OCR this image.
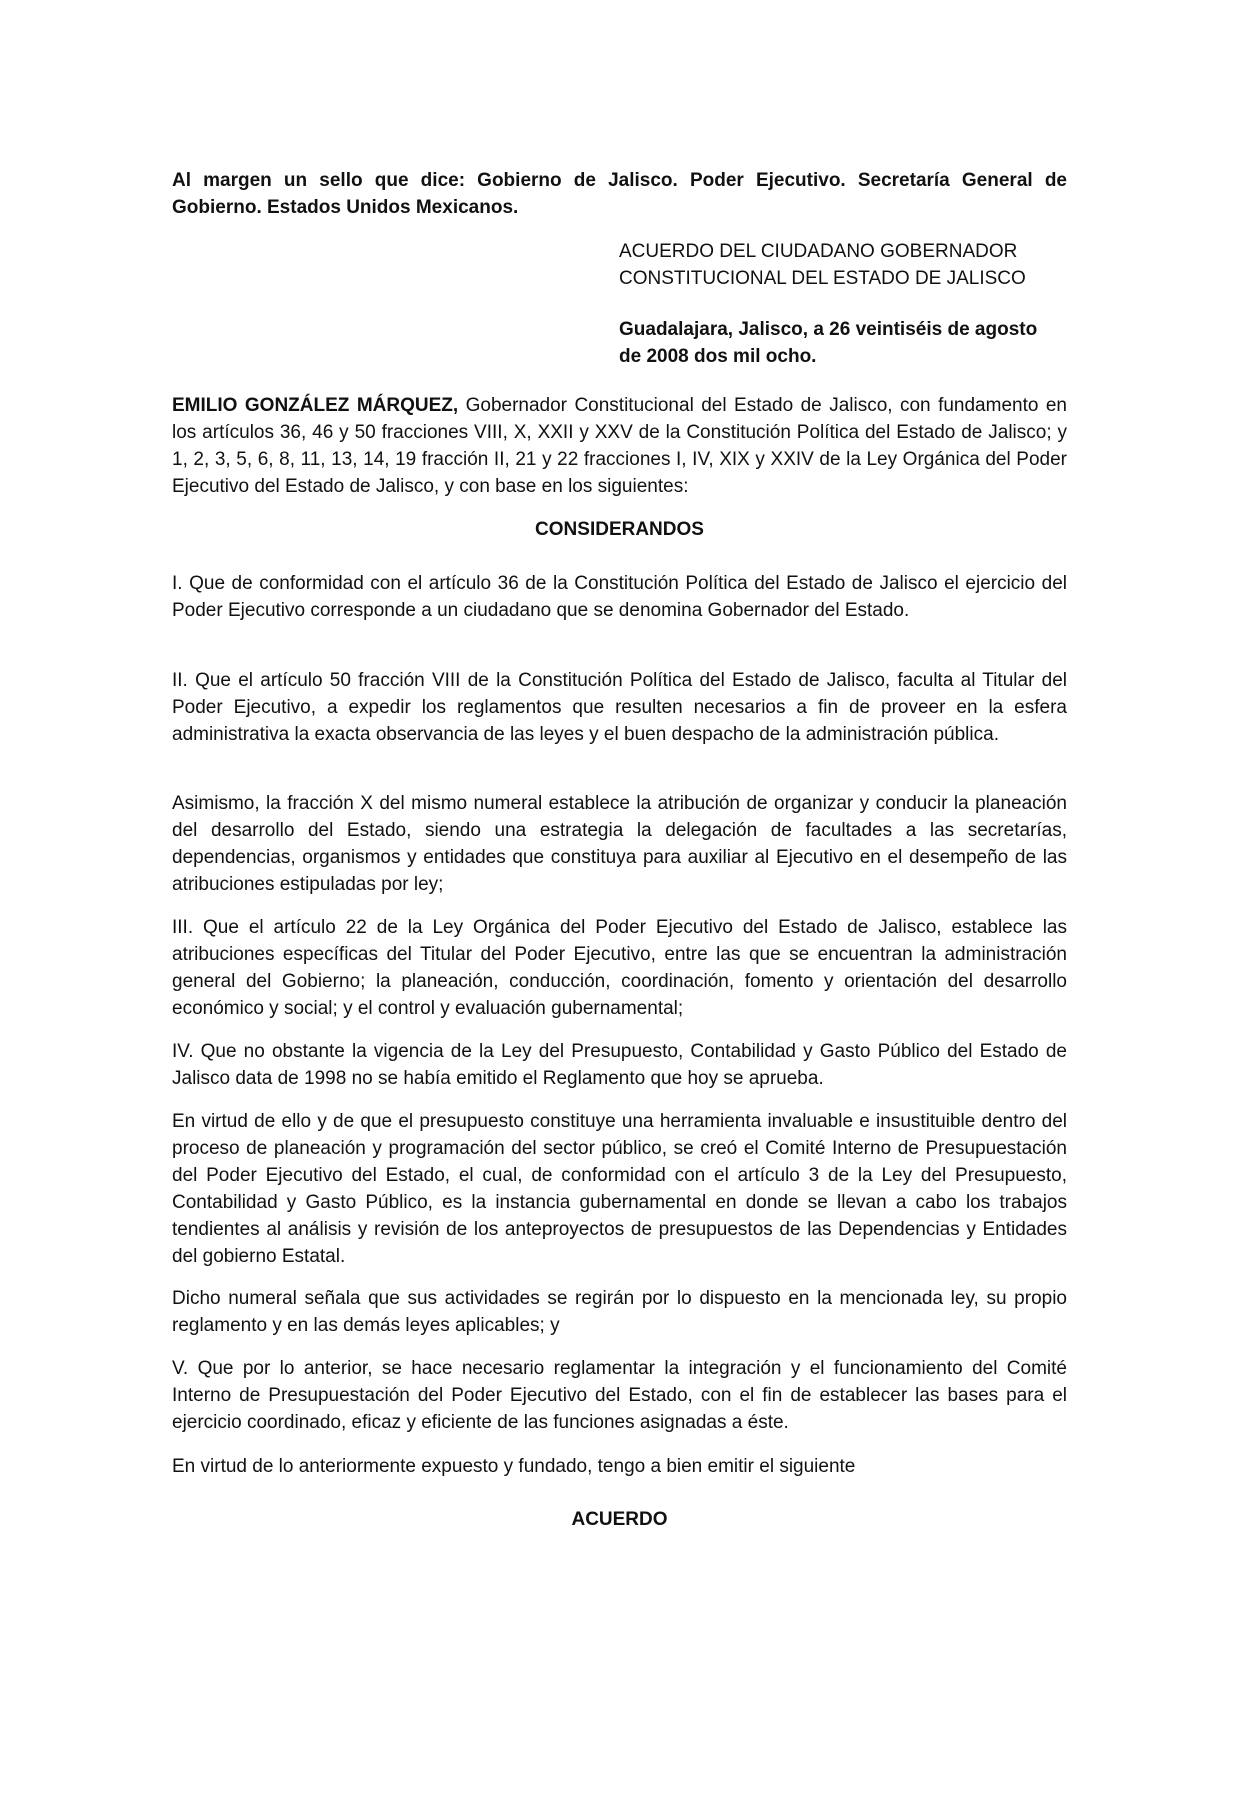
Al margen un sello que dice: Gobierno de Jalisco. Poder Ejecutivo. Secretaría General de Gobierno. Estados Unidos Mexicanos.
ACUERDO DEL CIUDADANO GOBERNADOR
CONSTITUCIONAL DEL ESTADO DE JALISCO
Guadalajara, Jalisco, a 26 veintiséis de agosto
de 2008 dos mil ocho.

EMILIO GONZÁLEZ MÁRQUEZ, Gobernador Constitucional del Estado de Jalisco, con fundamento en los artículos 36, 46 y 50 fracciones VIII, X, XXII y XXV de la Constitución Política del Estado de Jalisco; y 1, 2, 3, 5, 6, 8, 11, 13, 14, 19 fracción II, 21 y 22 fracciones I, IV, XIX y XXIV de la Ley Orgánica del Poder Ejecutivo del Estado de Jalisco, y con base en los siguientes:

CONSIDERANDOS

I. Que de conformidad con el artículo 36 de la Constitución Política del Estado de Jalisco el ejercicio del Poder Ejecutivo corresponde a un ciudadano que se denomina Gobernador del Estado.

II. Que el artículo 50 fracción VIII de la Constitución Política del Estado de Jalisco, faculta al Titular del Poder Ejecutivo, a expedir los reglamentos que resulten necesarios a fin de proveer en la esfera administrativa la exacta observancia de las leyes y el buen despacho de la administración pública.

Asimismo, la fracción X del mismo numeral establece la atribución de organizar y conducir la planeación del desarrollo del Estado, siendo una estrategia la delegación de facultades a las secretarías, dependencias, organismos y entidades que constituya para auxiliar al Ejecutivo en el desempeño de las atribuciones estipuladas por ley;

III. Que el artículo 22 de la Ley Orgánica del Poder Ejecutivo del Estado de Jalisco, establece las atribuciones específicas del Titular del Poder Ejecutivo, entre las que se encuentran la administración general del Gobierno; la planeación, conducción, coordinación, fomento y orientación del desarrollo económico y social; y el control y evaluación gubernamental;

IV. Que no obstante la vigencia de la Ley del Presupuesto, Contabilidad y Gasto Público del Estado de Jalisco data de 1998 no se había emitido el Reglamento que hoy se aprueba.

En virtud de ello y de que el presupuesto constituye una herramienta invaluable e insustituible dentro del proceso de planeación y programación del sector público, se creó el Comité Interno de Presupuestación del Poder Ejecutivo del Estado, el cual, de conformidad con el artículo 3 de la Ley del Presupuesto, Contabilidad y Gasto Público, es la instancia gubernamental en donde se llevan a cabo los trabajos tendientes al análisis y revisión de los anteproyectos de presupuestos de las Dependencias y Entidades del gobierno Estatal.

Dicho numeral señala que sus actividades se regirán por lo dispuesto en la mencionada ley, su propio reglamento y en las demás leyes aplicables; y

V. Que por lo anterior, se hace necesario reglamentar la integración y el funcionamiento del Comité Interno de Presupuestación del Poder Ejecutivo del Estado, con el fin de establecer las bases para el ejercicio coordinado, eficaz y eficiente de las funciones asignadas a éste.

En virtud de lo anteriormente expuesto y fundado, tengo a bien emitir el siguiente

ACUERDO
